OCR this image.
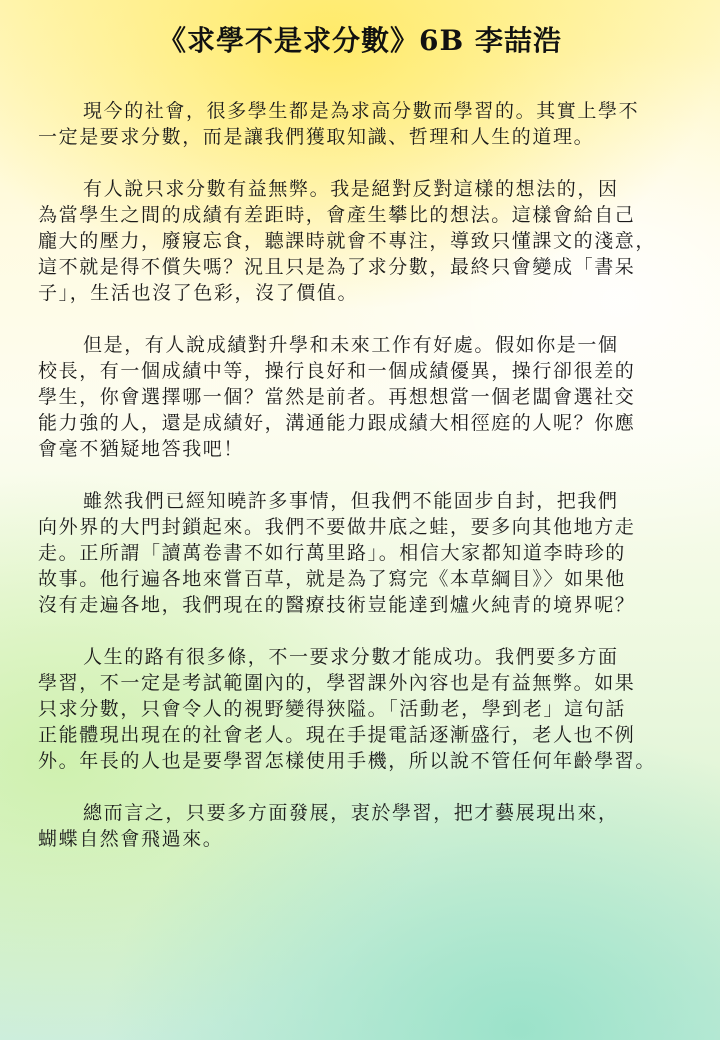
《求學不是求分數》6B 李喆浩
現今的社會，很多學生都是為求高分數而學習的。其實上學不
一定是要求分數，而是讓我們獲取知識、哲理和人生的道理。
有人說只求分數有益無弊。我是絕對反對這樣的想法的，因
為當學生之間的成績有差距時，會產生攀比的想法。這樣會給自己
龐大的壓力，廢寢忘食，聽課時就會不專注，導致只懂課文的淺意，
這不就是得不償失嗎？況且只是為了求分數，最終只會變成「書呆
子」，生活也沒了色彩，沒了價值。
但是，有人說成績對升學和未來工作有好處。假如你是一個
校長，有一個成績中等，操行良好和一個成績優異，操行卻很差的
學生，你會選擇哪一個？當然是前者。再想想當一個老闆會選社交
能力強的人，還是成績好，溝通能力跟成績大相徑庭的人呢？你應
會毫不猶疑地答我吧！
雖然我們已經知曉許多事情，但我們不能固步自封，把我們
向外界的大門封鎖起來。我們不要做井底之蛙，要多向其他地方走
走。正所謂「讀萬卷書不如行萬里路」。相信大家都知道李時珍的
故事。他行遍各地來嘗百草，就是為了寫完《本草綱目》〉如果他
沒有走遍各地，我們現在的醫療技術豈能達到爐火純青的境界呢？
人生的路有很多條，不一要求分數才能成功。我們要多方面
學習，不一定是考試範圍內的，學習課外內容也是有益無弊。如果
只求分數，只會令人的視野變得狹隘。「活動老，學到老」這句話
正能體現出現在的社會老人。現在手提電話逐漸盛行，老人也不例
外。年長的人也是要學習怎樣使用手機，所以說不管任何年齡學習。
總而言之，只要多方面發展，衷於學習，把才藝展現出來，
蝴蝶自然會飛過來。
